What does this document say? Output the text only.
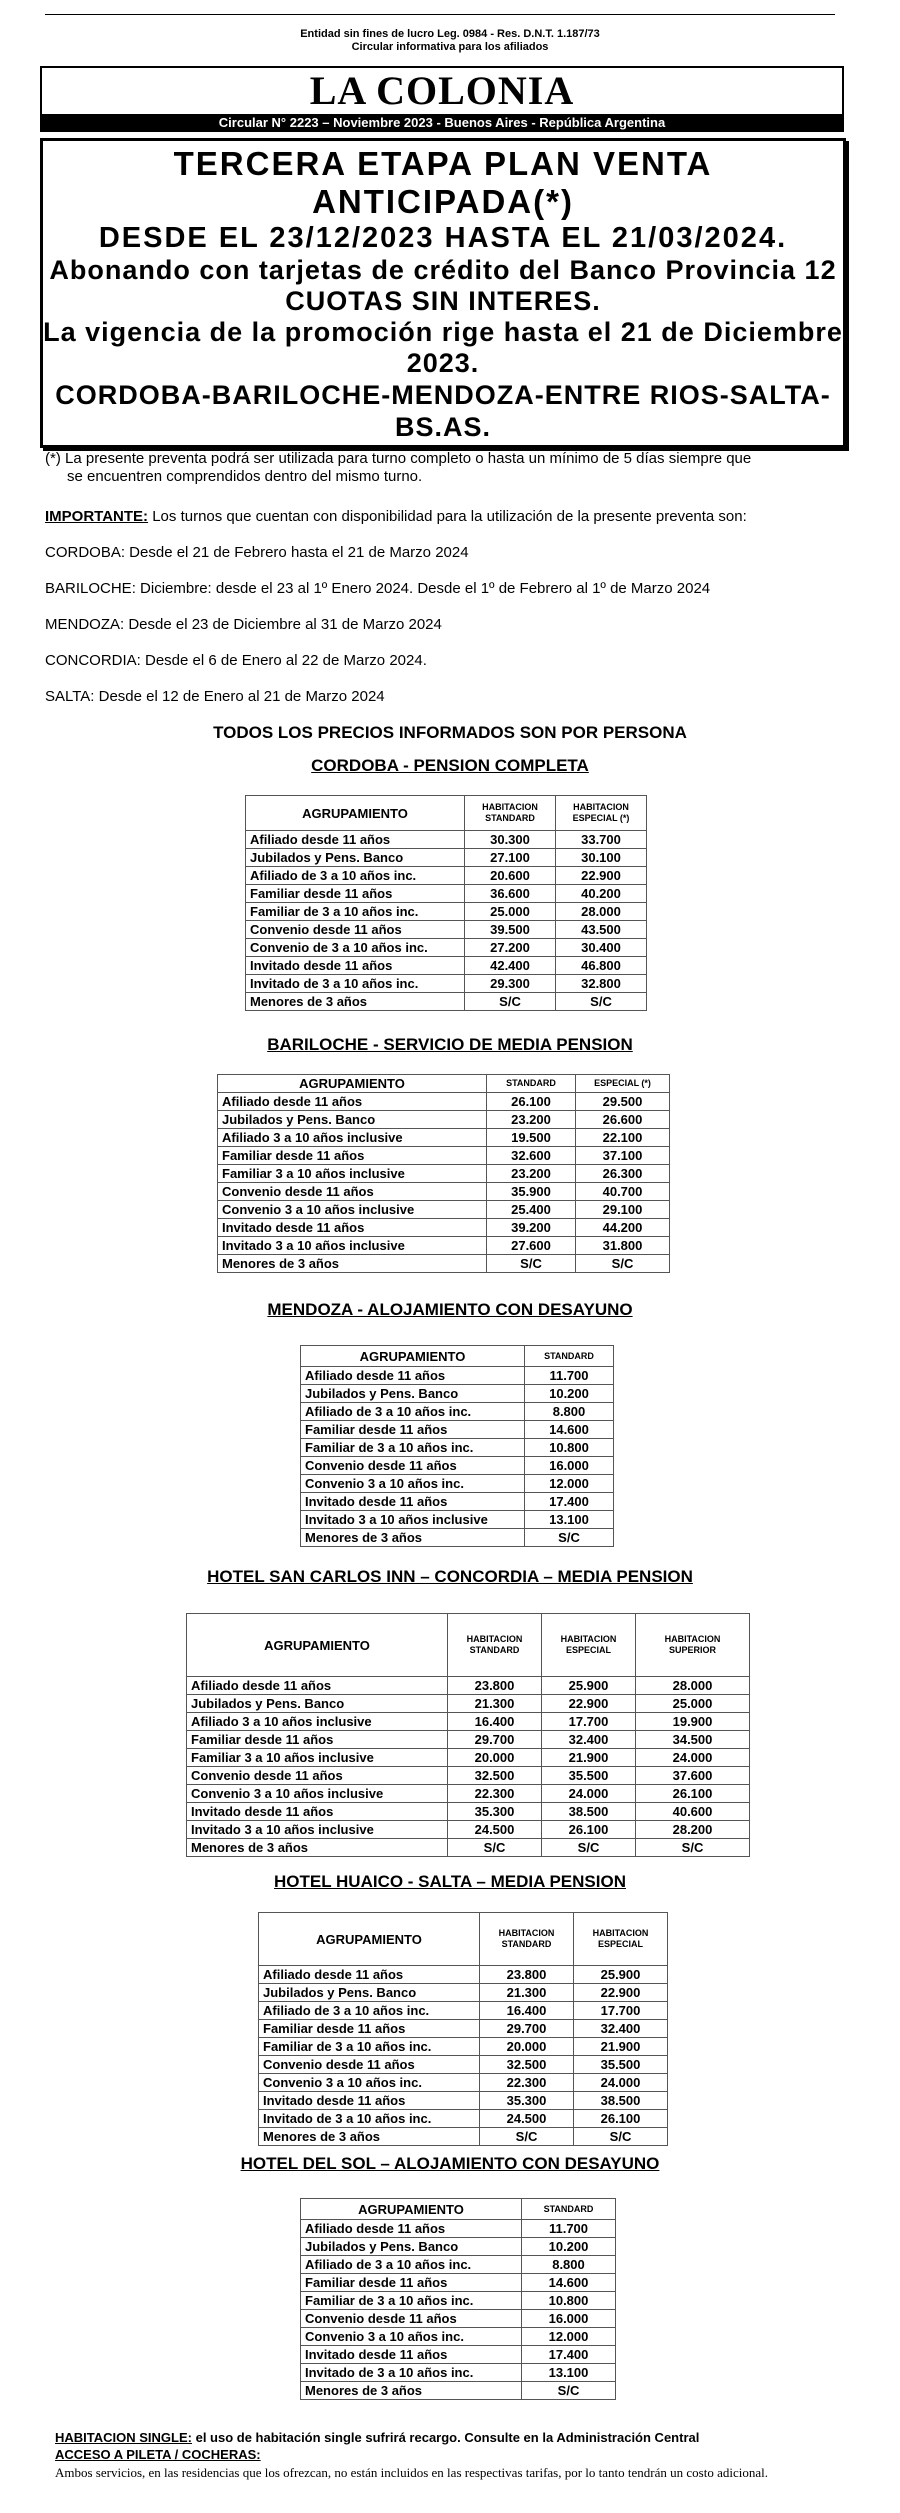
Entidad sin fines de lucro Leg. 0984 - Res. D.N.T. 1.187/73
Circular informativa para los afiliados
LA COLONIA
Circular N° 2223 – Noviembre 2023 - Buenos Aires - República Argentina
TERCERA ETAPA PLAN VENTA ANTICIPADA(*)
DESDE EL 23/12/2023 HASTA EL 21/03/2024.
Abonando con tarjetas de crédito del Banco Provincia 12 CUOTAS SIN INTERES.
La vigencia de la promoción rige hasta el 21 de Diciembre 2023.
CORDOBA-BARILOCHE-MENDOZA-ENTRE RIOS-SALTA-BS.AS.
(*) La presente preventa podrá ser utilizada para turno completo o hasta un mínimo de 5 días siempre que
se encuentren comprendidos dentro del mismo turno.
IMPORTANTE: Los turnos que cuentan con disponibilidad para la utilización de la presente preventa son:
CORDOBA: Desde el 21 de Febrero hasta el 21 de Marzo 2024
BARILOCHE: Diciembre: desde el 23 al 1º Enero 2024. Desde el 1º de Febrero al 1º de Marzo 2024
MENDOZA: Desde el 23 de Diciembre al 31 de Marzo 2024
CONCORDIA: Desde el 6 de Enero al 22 de Marzo 2024.
SALTA: Desde el 12 de Enero al 21 de Marzo 2024
TODOS LOS PRECIOS INFORMADOS SON POR PERSONA
CORDOBA - PENSION COMPLETA
AGRUPAMIENTO	HABITACION STANDARD	HABITACION ESPECIAL (*)
Afiliado desde 11 años	30.300	33.700
Jubilados y Pens. Banco	27.100	30.100
Afiliado de 3 a 10 años inc.	20.600	22.900
Familiar desde 11 años	36.600	40.200
Familiar de 3 a 10 años inc.	25.000	28.000
Convenio desde 11 años	39.500	43.500
Convenio de 3 a 10 años inc.	27.200	30.400
Invitado desde 11 años	42.400	46.800
Invitado de 3 a 10 años inc.	29.300	32.800
Menores de 3 años	S/C	S/C
BARILOCHE - SERVICIO DE MEDIA PENSION
AGRUPAMIENTO	STANDARD	ESPECIAL (*)
Afiliado desde 11 años	26.100	29.500
Jubilados y Pens. Banco	23.200	26.600
Afiliado 3 a 10 años inclusive	19.500	22.100
Familiar desde 11 años	32.600	37.100
Familiar 3 a 10 años inclusive	23.200	26.300
Convenio desde 11 años	35.900	40.700
Convenio 3 a 10 años inclusive	25.400	29.100
Invitado desde 11 años	39.200	44.200
Invitado 3 a 10 años inclusive	27.600	31.800
Menores de 3 años	S/C	S/C
MENDOZA - ALOJAMIENTO CON DESAYUNO
AGRUPAMIENTO	STANDARD
Afiliado desde 11 años	11.700
Jubilados y Pens. Banco	10.200
Afiliado de 3 a 10 años inc.	8.800
Familiar desde 11 años	14.600
Familiar de 3 a 10 años inc.	10.800
Convenio desde 11 años	16.000
Convenio 3 a 10 años inc.	12.000
Invitado desde 11 años	17.400
Invitado 3 a 10 años inclusive	13.100
Menores de 3 años	S/C
HOTEL SAN CARLOS INN – CONCORDIA – MEDIA PENSION
AGRUPAMIENTO	HABITACION STANDARD	HABITACION ESPECIAL	HABITACION SUPERIOR
Afiliado desde 11 años	23.800	25.900	28.000
Jubilados y Pens. Banco	21.300	22.900	25.000
Afiliado 3 a 10 años inclusive	16.400	17.700	19.900
Familiar desde 11 años	29.700	32.400	34.500
Familiar 3 a 10 años inclusive	20.000	21.900	24.000
Convenio desde 11 años	32.500	35.500	37.600
Convenio 3 a 10 años inclusive	22.300	24.000	26.100
Invitado desde 11 años	35.300	38.500	40.600
Invitado 3 a 10 años inclusive	24.500	26.100	28.200
Menores de 3 años	S/C	S/C	S/C
HOTEL HUAICO - SALTA – MEDIA PENSION
AGRUPAMIENTO	HABITACION STANDARD	HABITACION ESPECIAL
Afiliado desde 11 años	23.800	25.900
Jubilados y Pens. Banco	21.300	22.900
Afiliado de 3 a 10 años inc.	16.400	17.700
Familiar desde 11 años	29.700	32.400
Familiar de 3 a 10 años inc.	20.000	21.900
Convenio desde 11 años	32.500	35.500
Convenio 3 a 10 años inc.	22.300	24.000
Invitado desde 11 años	35.300	38.500
Invitado de 3 a 10 años inc.	24.500	26.100
Menores de 3 años	S/C	S/C
HOTEL DEL SOL – ALOJAMIENTO CON DESAYUNO
AGRUPAMIENTO	STANDARD
Afiliado desde 11 años	11.700
Jubilados y Pens. Banco	10.200
Afiliado de 3 a 10 años inc.	8.800
Familiar desde 11 años	14.600
Familiar de 3 a 10 años inc.	10.800
Convenio desde 11 años	16.000
Convenio 3 a 10 años inc.	12.000
Invitado desde 11 años	17.400
Invitado de 3 a 10 años inc.	13.100
Menores de 3 años	S/C
HABITACION SINGLE: el uso de habitación single sufrirá recargo. Consulte en la Administración Central
ACCESO A PILETA / COCHERAS:
Ambos servicios, en las residencias que los ofrezcan, no están incluidos en las respectivas tarifas, por lo tanto tendrán un costo adicional.
